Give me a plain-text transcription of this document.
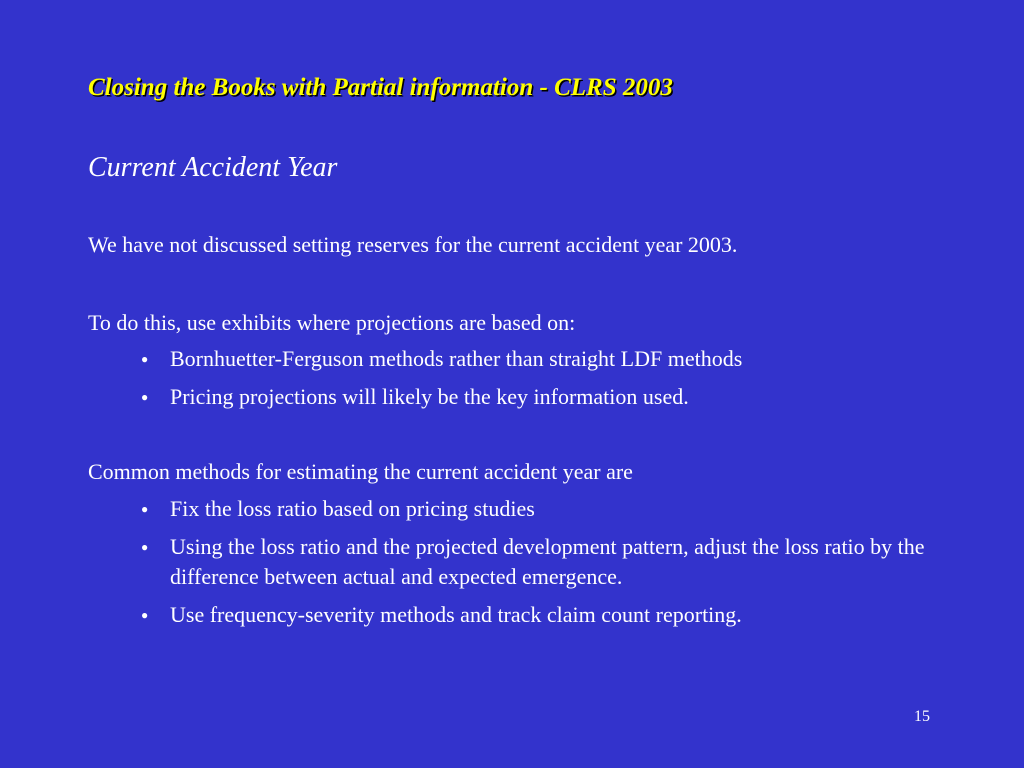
Closing the Books with Partial information - CLRS 2003
Current Accident Year

We have not discussed setting reserves for the current accident year 2003.

To do this, use exhibits where projections are based on:

● Bornhuetter-Ferguson methods rather than straight LDF methods
● Pricing projections will likely be the key information used.

Common methods for estimating the current accident year are

● Fix the loss ratio based on pricing studies
● Using the loss ratio and the projected development pattern, adjust the loss ratio by the difference between actual and expected emergence.
● Use frequency-severity methods and track claim count reporting.

15
